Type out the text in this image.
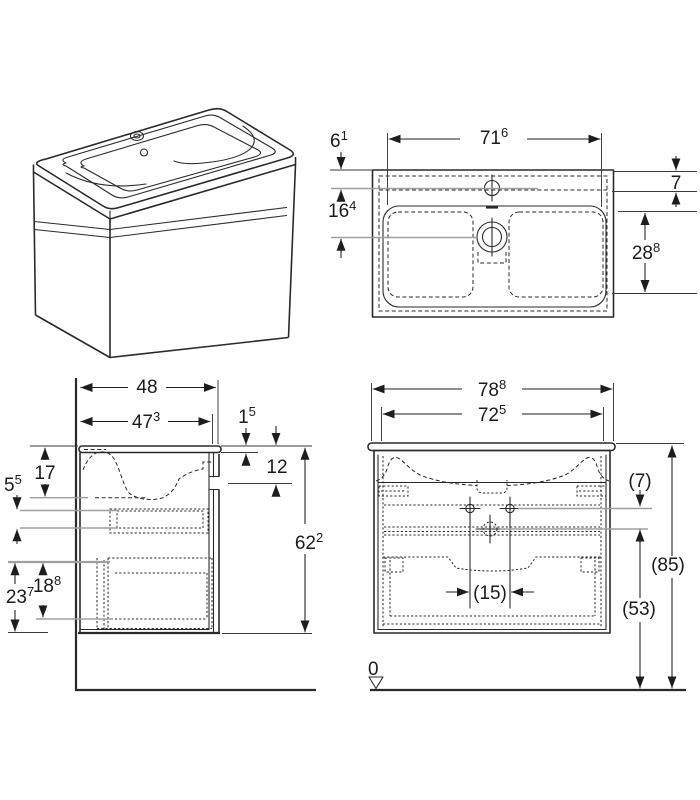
$71^6$
$6^1$
$16^4$
7
$28^8$
48
$47^3$	$1^5$
12
$62^2$
17
$5^5$
$23^7$
$18^8$
0
$78^8$
$72^5$
(15)
(7)
(53)
(85)
